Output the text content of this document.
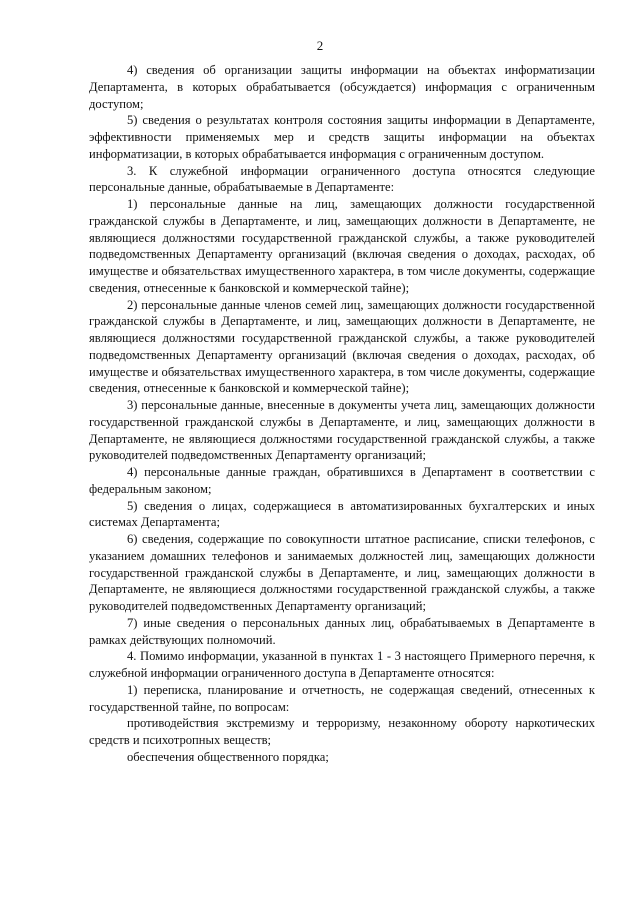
2

4) сведения об организации защиты информации на объектах информатизации Департамента, в которых обрабатывается (обсуждается) информация с ограниченным доступом;

5) сведения о результатах контроля состояния защиты информации в Департаменте, эффективности применяемых мер и средств защиты информации на объектах информатизации, в которых обрабатывается информация с ограниченным доступом.

3. К служебной информации ограниченного доступа относятся следующие персональные данные, обрабатываемые в Департаменте:

1) персональные данные на лиц, замещающих должности государственной гражданской службы в Департаменте, и лиц, замещающих должности в Департаменте, не являющиеся должностями государственной гражданской службы, а также руководителей подведомственных Департаменту организаций (включая сведения о доходах, расходах, об имуществе и обязательствах имущественного характера, в том числе документы, содержащие сведения, отнесенные к банковской и коммерческой тайне);

2) персональные данные членов семей лиц, замещающих должности государственной гражданской службы в Департаменте, и лиц, замещающих должности в Департаменте, не являющиеся должностями государственной гражданской службы, а также руководителей подведомственных Департаменту организаций (включая сведения о доходах, расходах, об имуществе и обязательствах имущественного характера, в том числе документы, содержащие сведения, отнесенные к банковской и коммерческой тайне);

3) персональные данные, внесенные в документы учета лиц, замещающих должности государственной гражданской службы в Департаменте, и лиц, замещающих должности в Департаменте, не являющиеся должностями государственной гражданской службы, а также руководителей подведомственных Департаменту организаций;

4) персональные данные граждан, обратившихся в Департамент в соответствии с федеральным законом;

5) сведения о лицах, содержащиеся в автоматизированных бухгалтерских и иных системах Департамента;

6) сведения, содержащие по совокупности штатное расписание, списки телефонов, с указанием домашних телефонов и занимаемых должностей лиц, замещающих должности государственной гражданской службы в Департаменте, и лиц, замещающих должности в Департаменте, не являющиеся должностями государственной гражданской службы, а также руководителей подведомственных Департаменту организаций;

7) иные сведения о персональных данных лиц, обрабатываемых в Департаменте в рамках действующих полномочий.

4. Помимо информации, указанной в пунктах 1 - 3 настоящего Примерного перечня, к служебной информации ограниченного доступа в Департаменте относятся:

1) переписка, планирование и отчетность, не содержащая сведений, отнесенных к государственной тайне, по вопросам:

противодействия экстремизму и терроризму, незаконному обороту наркотических средств и психотропных веществ;

обеспечения общественного порядка;
